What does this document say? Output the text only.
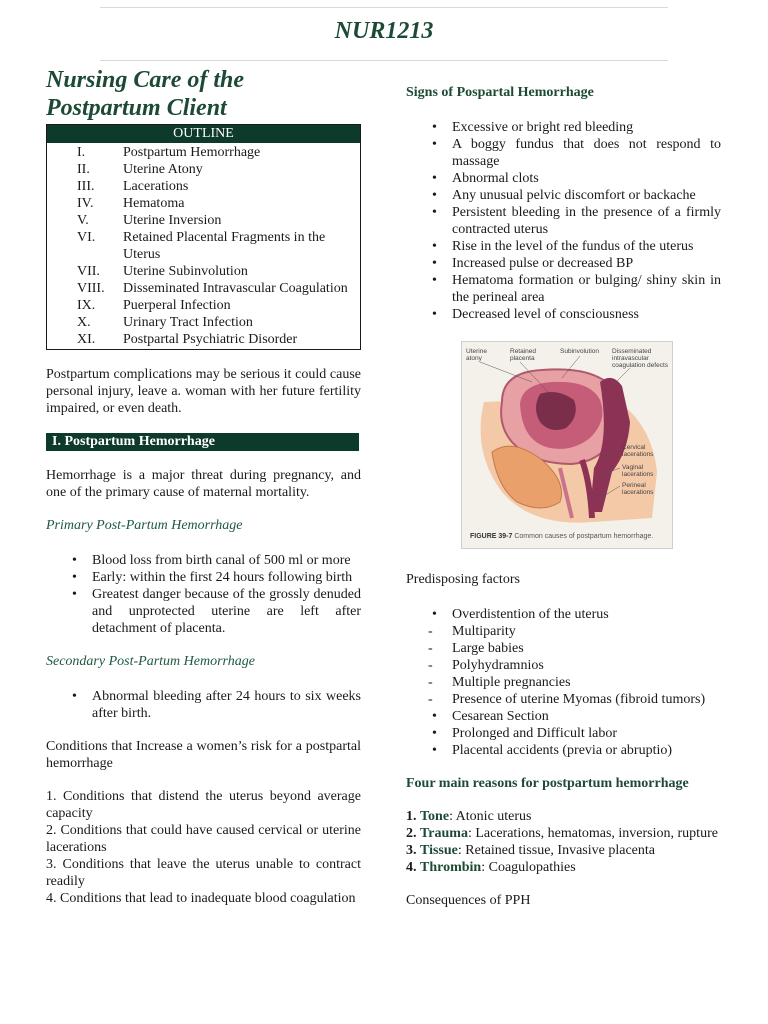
NUR1213
Nursing Care of the
Postpartum Client
OUTLINE
I.	Postpartum Hemorrhage
II.	Uterine Atony
III.	Lacerations
IV.	Hematoma
V.	Uterine Inversion
VI.	Retained Placental Fragments in the Uterus
VII.	Uterine Subinvolution
VIII.	Disseminated Intravascular Coagulation
IX.	Puerperal Infection
X.	Urinary Tract Infection
XI.	Postpartal Psychiatric Disorder

Postpartum complications may be serious it could cause personal injury, leave a. woman with her future fertility impaired, or even death.

I. Postpartum Hemorrhage

Hemorrhage is a major threat during pregnancy, and one of the primary cause of maternal mortality.

Primary Post-Partum Hemorrhage
• Blood loss from birth canal of 500 ml or more
• Early: within the first 24 hours following birth
• Greatest danger because of the grossly denuded and unprotected uterine are left after detachment of placenta.
Secondary Post-Partum Hemorrhage
• Abnormal bleeding after 24 hours to six weeks after birth.

Conditions that Increase a women’s risk for a postpartal hemorrhage

1. Conditions that distend the uterus beyond average capacity

2. Conditions that could have caused cervical or uterine lacerations

3. Conditions that leave the uterus unable to contract readily

4. Conditions that lead to inadequate blood coagulation

Signs of Pospartal Hemorrhage
• Excessive or bright red bleeding
• A boggy fundus that does not respond to massage
• Abnormal clots
• Any unusual pelvic discomfort or backache
• Persistent bleeding in the presence of a firmly contracted uterus
• Rise in the level of the fundus of the uterus
• Increased pulse or decreased BP
• Hematoma formation or bulging/ shiny skin in the perineal area
• Decreased level of consciousness
Uterine atony
Retained placenta
Subinvolution	Disseminated intravascular coagulation defects
Cervical lacerations
Vaginal lacerations
Perineal lacerations
FIGURE 39-7 Common causes of postpartum hemorrhage.

Predisposing factors

• Overdistention of the uterus
- Multiparity
- Large babies
- Polyhydramnios
- Multiple pregnancies
- Presence of uterine Myomas (fibroid tumors)
• Cesarean Section
• Prolonged and Difficult labor
• Placental accidents (previa or abruptio)
Four main reasons for postpartum hemorrhage

1. Tone: Atonic uterus

2. Trauma: Lacerations, hematomas, inversion, rupture

3. Tissue: Retained tissue, Invasive placenta

4. Thrombin: Coagulopathies

Consequences of PPH
